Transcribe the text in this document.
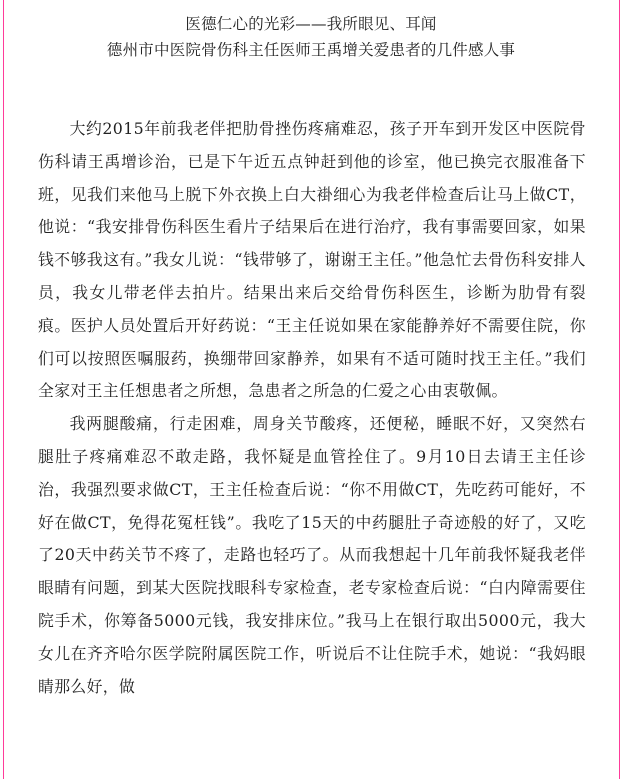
医德仁心的光彩——我所眼见、耳闻
德州市中医院骨伤科主任医师王禹增关爱患者的几件感人事

大约2015年前我老伴把肋骨挫伤疼痛难忍，孩子开车到开发区中医院骨伤科请王禹增诊治，已是下午近五点钟赶到他的诊室，他已换完衣服准备下班，见我们来他马上脱下外衣换上白大褂细心为我老伴检查后让马上做CT，他说：“我安排骨伤科医生看片子结果后在进行治疗，我有事需要回家，如果钱不够我这有。”我女儿说：“钱带够了，谢谢王主任。”他急忙去骨伤科安排人员，我女儿带老伴去拍片。结果出来后交给骨伤科医生，诊断为肋骨有裂痕。医护人员处置后开好药说：“王主任说如果在家能静养好不需要住院，你们可以按照医嘱服药，换绷带回家静养，如果有不适可随时找王主任。”我们全家对王主任想患者之所想，急患者之所急的仁爱之心由衷敬佩。

我两腿酸痛，行走困难，周身关节酸疼，还便秘，睡眠不好，又突然右腿肚子疼痛难忍不敢走路，我怀疑是血管拴住了。9月10日去请王主任诊治，我强烈要求做CT，王主任检查后说：“你不用做CT，先吃药可能好，不好在做CT，免得花冤枉钱”。我吃了15天的中药腿肚子奇迹般的好了，又吃了20天中药关节不疼了，走路也轻巧了。从而我想起十几年前我怀疑我老伴眼睛有问题，到某大医院找眼科专家检查，老专家检查后说：“白内障需要住院手术，你筹备5000元钱，我安排床位。”我马上在银行取出5000元，我大女儿在齐齐哈尔医学院附属医院工作，听说后不让住院手术，她说：“我妈眼睛那么好，做
